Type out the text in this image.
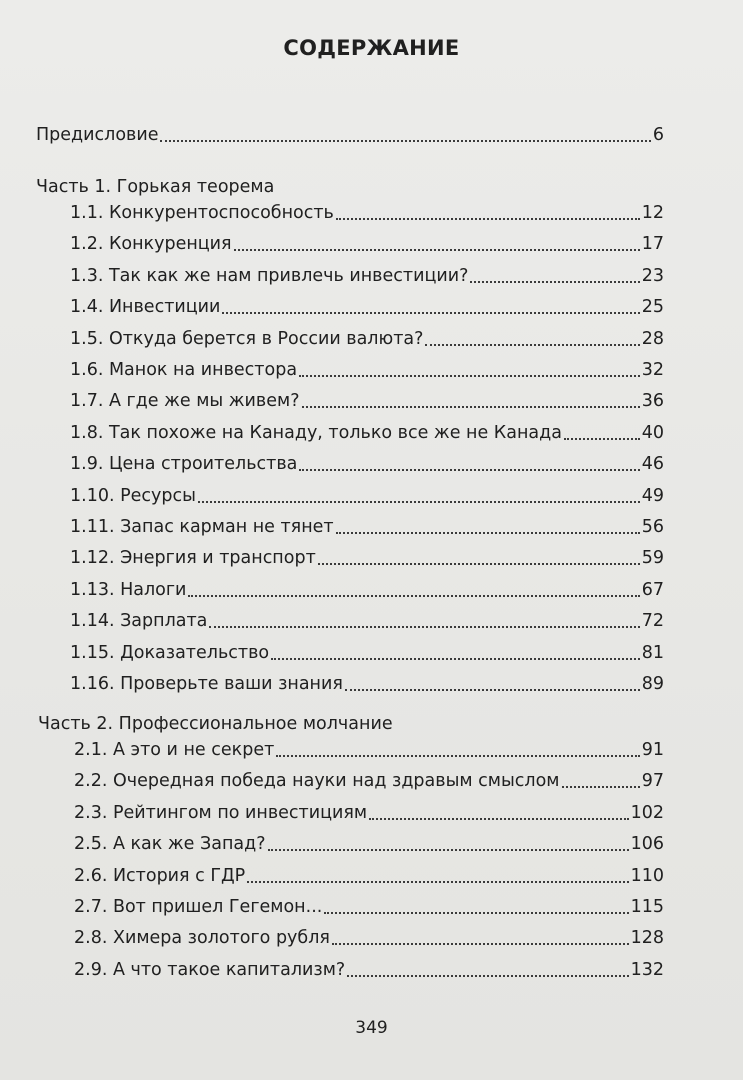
СОДЕРЖАНИЕ
Предисловие	6
Часть 1. Горькая теорема
1.1. Конкурентоспособность	12
1.2. Конкуренция	17
1.3. Так как же нам привлечь инвестиции?	23
1.4. Инвестиции	25
1.5. Откуда берется в России валюта?	28
1.6. Манок на инвестора	32
1.7. А где же мы живем?	36
1.8. Так похоже на Канаду, только все же не Канада	40
1.9. Цена строительства	46
1.10. Ресурсы	49
1.11. Запас карман не тянет	56
1.12. Энергия и транспорт	59
1.13. Налоги	67
1.14. Зарплата	72
1.15. Доказательство	81
1.16. Проверьте ваши знания	89
Часть 2. Профессиональное молчание
2.1. А это и не секрет	91
2.2. Очередная победа науки над здравым смыслом	97
2.3. Рейтингом по инвестициям	102
2.5. А как же Запад?	106
2.6. История с ГДР	110
2.7. Вот пришел Гегемон...	115
2.8. Химера золотого рубля	128
2.9. А что такое капитализм?	132
349
